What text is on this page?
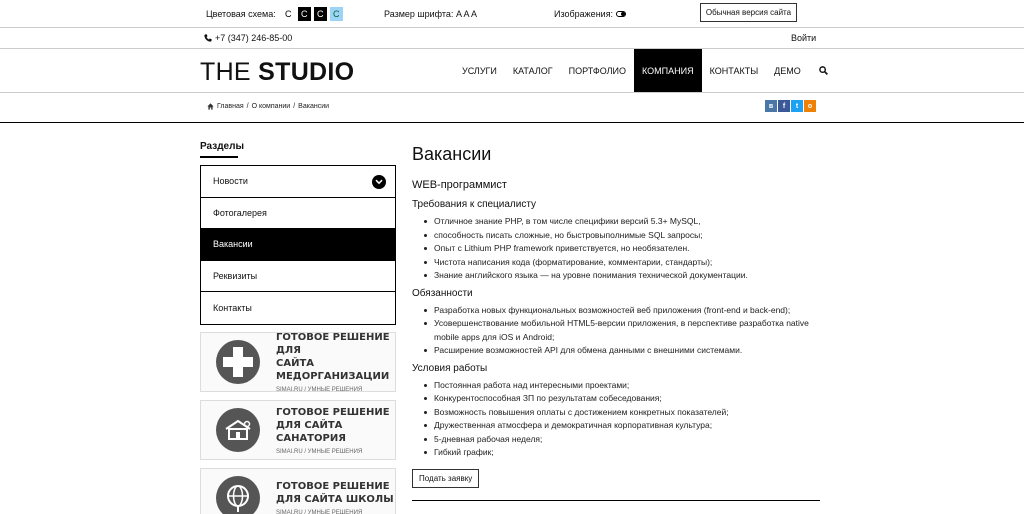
Цветовая схема:	C	C	C	C	Размер шрифта: A A A	Изображения:	Обычная версия сайта
+7 (347) 246-85-00	Войти
THE STUDIO	УСЛУГИ	КАТАЛОГ	ПОРТФОЛИО	КОМПАНИЯ	КОНТАКТЫ	ДЕМО
Главная / О компании / Вакансии	в	f	t	о
Разделы
Новости
Фотогалерея
Вакансии
Реквизиты
Контакты
ГОТОВОЕ РЕШЕНИЕ ДЛЯ
САЙТА МЕДОРГАНИЗАЦИИ
SIMAI.RU / УМНЫЕ РЕШЕНИЯ
ГОТОВОЕ РЕШЕНИЕ
ДЛЯ САЙТА САНАТОРИЯ
SIMAI.RU / УМНЫЕ РЕШЕНИЯ
ГОТОВОЕ РЕШЕНИЕ
ДЛЯ САЙТА ШКОЛЫ
SIMAI.RU / УМНЫЕ РЕШЕНИЯ
Вакансии
WEB-программист
Требования к специалисту
Отличное знание PHP, в том числе специфики версий 5.3+ MySQL,
способность писать сложные, но быстровыполнимые SQL запросы;
Опыт с Lithium PHP framework приветствуется, но необязателен.
Чистота написания кода (форматирование, комментарии, стандарты);
Знание английского языка — на уровне понимания технической документации.
Обязанности
Разработка новых функциональных возможностей веб приложения (front-end и back-end);
Усовершенствование мобильной HTML5-версии приложения, в перспективе разработка native mobile apps для iOS и Android;
Расширение возможностей API для обмена данными с внешними системами.
Условия работы
Постоянная работа над интересными проектами;
Конкурентоспособная ЗП по результатам собеседования;
Возможность повышения оплаты с достижением конкретных показателей;
Дружественная атмосфера и демократичная корпоративная культура;
5-дневная рабочая неделя;
Гибкий график;
Подать заявку
